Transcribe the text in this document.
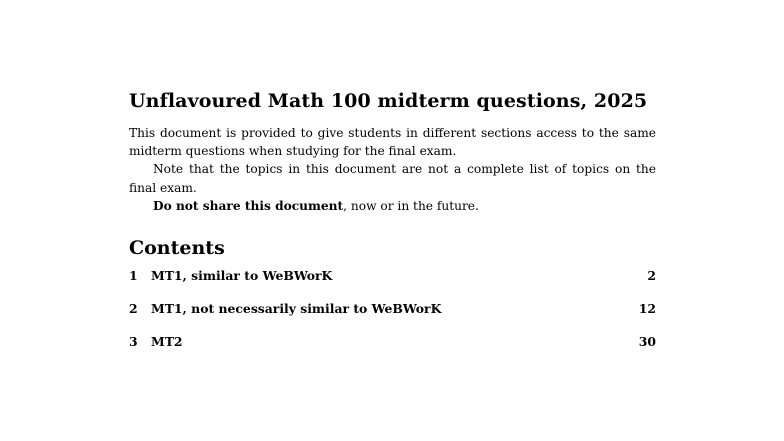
Unflavoured Math 100 midterm questions, 2025

This document is provided to give students in different sections access to the same midterm questions when studying for the final exam.

Note that the topics in this document are not a complete list of topics on the final exam.

Do not share this document, now or in the future.

Contents
1	MT1, similar to WeBWorK	2
2	MT1, not necessarily similar to WeBWorK	12
3	MT2	30
